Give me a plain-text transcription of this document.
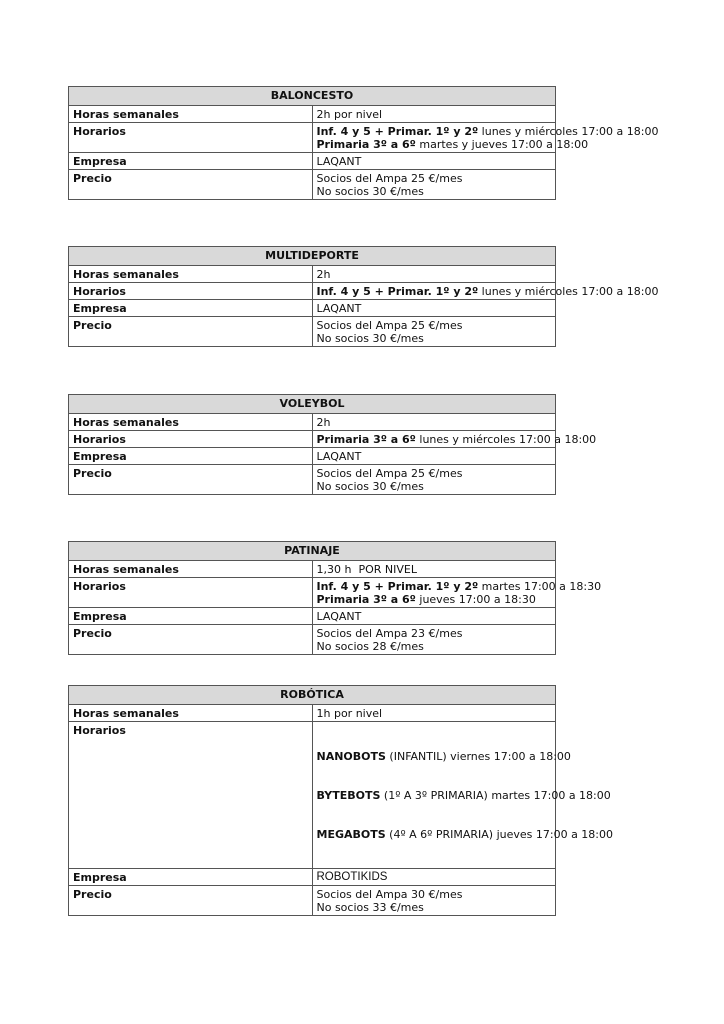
BALONCESTO	
Horas semanales	2h por nivel
Horarios	Inf. 4 y 5 + Primar. 1º y 2º lunes y miércoles 17:00 a 18:00
Primaria 3º a 6º martes y jueves 17:00 a 18:00

Empresa	LAQANT
Precio	Socios del Ampa 25 €/mes
No socios 30 €/mes
MULTIDEPORTE	
Horas semanales	2h
Horarios	Inf. 4 y 5 + Primar. 1º y 2º lunes y miércoles 17:00 a 18:00

Empresa	LAQANT
Precio	Socios del Ampa 25 €/mes
No socios 30 €/mes
VOLEYBOL	
Horas semanales	2h
Horarios	Primaria 3º a 6º lunes y miércoles 17:00 a 18:00

Empresa	LAQANT
Precio	Socios del Ampa 25 €/mes
No socios 30 €/mes
PATINAJE	
Horas semanales	1,30 h  POR NIVEL
Horarios	Inf. 4 y 5 + Primar. 1º y 2º martes 17:00 a 18:30
Primaria 3º a 6º jueves 17:00 a 18:30

Empresa	LAQANT
Precio	Socios del Ampa 23 €/mes
No socios 28 €/mes
ROBÓTICA	
Horas semanales	1h por nivel
Horarios	NANOBOTS (INFANTIL) viernes 17:00 a 18:00

BYTEBOTS (1º A 3º PRIMARIA) martes 17:00 a 18:00

MEGABOTS (4º A 6º PRIMARIA) jueves 17:00 a 18:00

Empresa	ROBOTIKIDS
Precio	Socios del Ampa 30 €/mes
No socios 33 €/mes
